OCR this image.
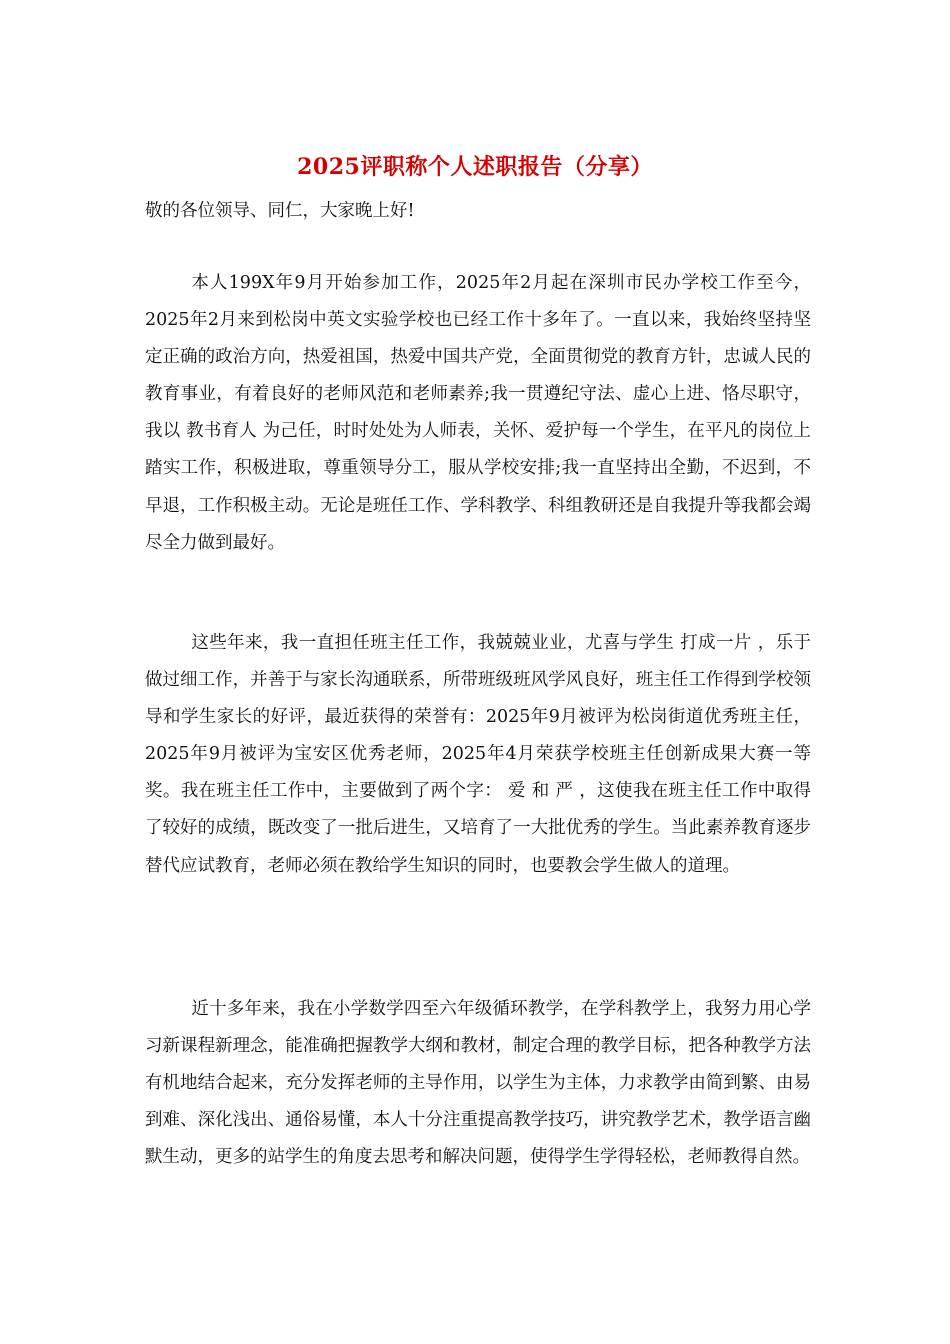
2025评职称个人述职报告（分享）
敬的各位领导、同仁，大家晚上好!

本人199X年9月开始参加工作，2025年2月起在深圳市民办学校工作至今，2025年2月来到松岗中英文实验学校也已经工作十多年了。一直以来，我始终坚持坚定正确的政治方向，热爱祖国，热爱中国共产党，全面贯彻党的教育方针，忠诚人民的教育事业，有着良好的老师风范和老师素养;我一贯遵纪守法、虚心上进、恪尽职守，我以 教书育人 为己任，时时处处为人师表，关怀、爱护每一个学生，在平凡的岗位上踏实工作，积极进取，尊重领导分工，服从学校安排;我一直坚持出全勤，不迟到，不早退，工作积极主动。无论是班任工作、学科教学、科组教研还是自我提升等我都会竭尽全力做到最好。

这些年来，我一直担任班主任工作，我兢兢业业，尤喜与学生 打成一片 ，乐于做过细工作，并善于与家长沟通联系，所带班级班风学风良好，班主任工作得到学校领导和学生家长的好评，最近获得的荣誉有：2025年9月被评为松岗街道优秀班主任，2025年9月被评为宝安区优秀老师，2025年4月荣获学校班主任创新成果大赛一等奖。我在班主任工作中，主要做到了两个字： 爱 和 严 ，这使我在班主任工作中取得了较好的成绩，既改变了一批后进生，又培育了一大批优秀的学生。当此素养教育逐步替代应试教育，老师必须在教给学生知识的同时，也要教会学生做人的道理。

近十多年来，我在小学数学四至六年级循环教学，在学科教学上，我努力用心学习新课程新理念，能准确把握教学大纲和教材，制定合理的教学目标，把各种教学方法有机地结合起来，充分发挥老师的主导作用，以学生为主体，力求教学由简到繁、由易到难、深化浅出、通俗易懂，本人十分注重提高教学技巧，讲究教学艺术，教学语言幽默生动，更多的站学生的角度去思考和解决问题，使得学生学得轻松，老师教得自然。
